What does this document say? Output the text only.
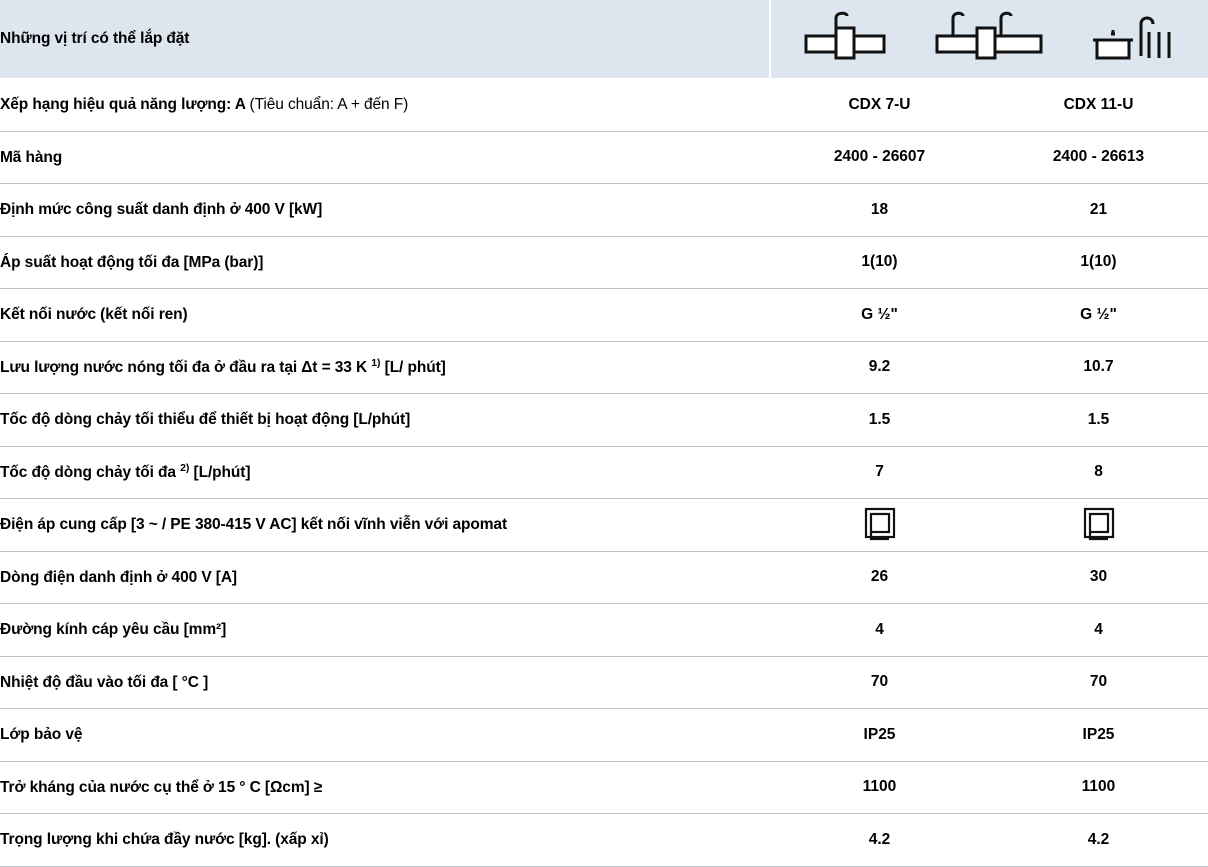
Những vị trí có thể lắp đặt	

Xếp hạng hiệu quả năng lượng: A (Tiêu chuẩn: A + đến F)	CDX 7-U	CDX 11-U
Mã hàng	2400 - 26607	2400 - 26613
Định mức công suất danh định ở 400 V [kW]	18	21
Áp suất hoạt động tối đa [MPa (bar)]	1(10)	1(10)
Kết nối nước (kết nối ren)	G ½"	G ½"
Lưu lượng nước nóng tối đa ở đầu ra tại Δt = 33 K $^{1)}$ [L/ phút]	9.2	10.7
Tốc độ dòng chảy tối thiểu để thiết bị hoạt động [L/phút]	1.5	1.5
Tốc độ dòng chảy tối đa $^{2)}$ [L/phút]	7	8
Điện áp cung cấp [3 ~ / PE 380-415 V AC] kết nối vĩnh viễn với apomat	

Dòng điện danh định ở 400 V [A]	26	30
Đường kính cáp yêu cầu [mm²]	4	4
Nhiệt độ đầu vào tối đa [ °C ]	70	70
Lớp bảo vệ	IP25	IP25
Trở kháng của nước cụ thể ở 15 ° C [Ωcm] ≥	1100	1100
Trọng lượng khi chứa đầy nước [kg]. (xấp xỉ)	4.2	4.2
